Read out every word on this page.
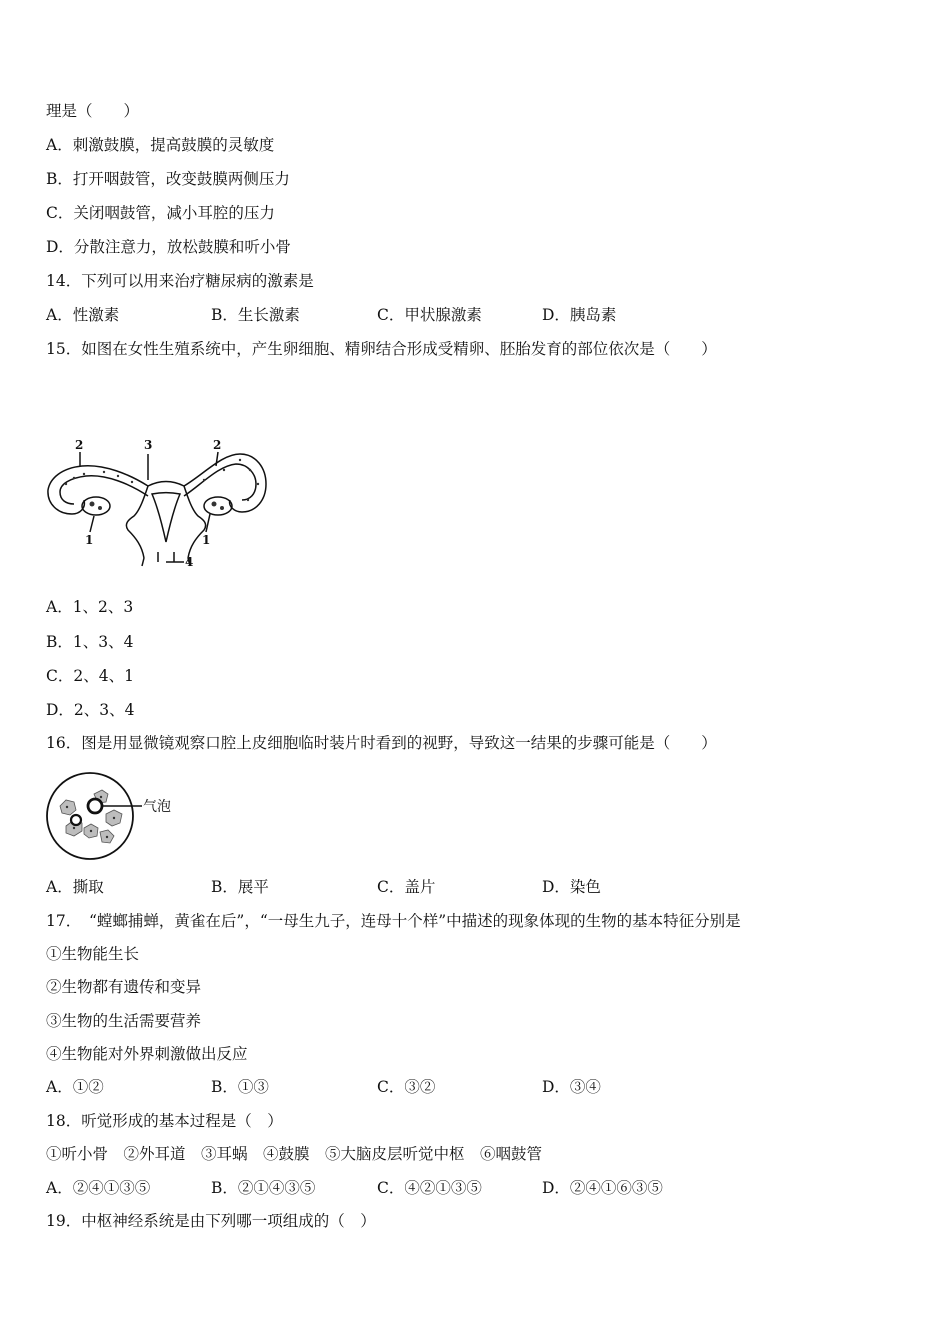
理是（　　）
A．刺激鼓膜，提高鼓膜的灵敏度
B．打开咽鼓管，改变鼓膜两侧压力
C．关闭咽鼓管，减小耳腔的压力
D．分散注意力，放松鼓膜和听小骨
14．下列可以用来治疗糖尿病的激素是
A．性激素	B．生长激素	C．甲状腺激素	D．胰岛素
15．如图在女性生殖系统中，产生卵细胞、精卵结合形成受精卵、胚胎发育的部位依次是（　　）
2	3	2
1	1
4
A．1、2、3
B．1、3、4
C．2、4、1
D．2、3、4
16．图是用显微镜观察口腔上皮细胞临时装片时看到的视野，导致这一结果的步骤可能是（　　）
气泡
A．撕取	B．展平	C．盖片	D．染色
17．　“螳螂捕蝉，黄雀在后”，“一母生九子，连母十个样”中描述的现象体现的生物的基本特征分别是
①生物能生长
②生物都有遗传和变异
③生物的生活需要营养
④生物能对外界刺激做出反应
A．①②	B．①③	C．③②	D．③④
18．听觉形成的基本过程是（　）
①听小骨　②外耳道　③耳蜗　④鼓膜　⑤大脑皮层听觉中枢　⑥咽鼓管
A．②④①③⑤	B．②①④③⑤	C．④②①③⑤	D．②④①⑥③⑤
19．中枢神经系统是由下列哪一项组成的（　）
